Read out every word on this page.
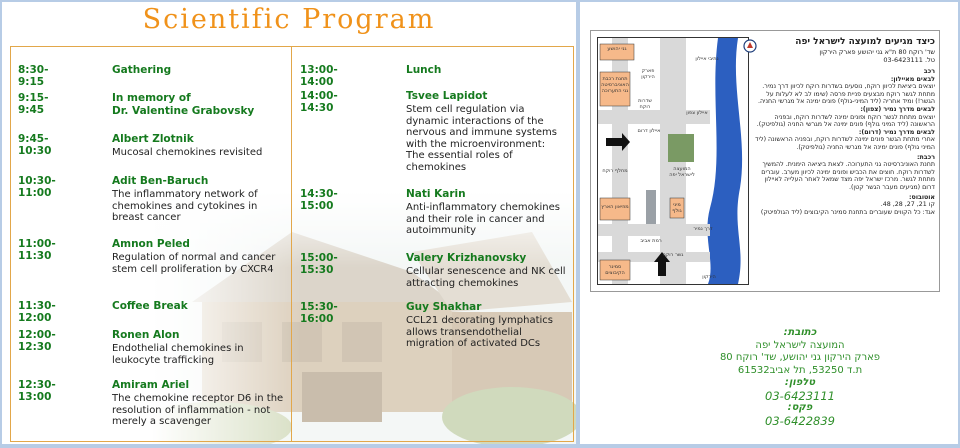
Scientific Program
8:30-9:15
Gathering
9:15-9:45
In memory of
Dr. Valentine Grabovsky
9:45-10:30
Albert Zlotnik
Mucosal chemokines revisited
10:30-11:00
Adit Ben-Baruch
The inflammatory network of chemokines and cytokines in breast cancer
11:00-11:30
Amnon Peled
Regulation of normal and cancer stem cell proliferation by CXCR4
11:30-12:00
Coffee Break
12:00-12:30
Ronen Alon
Endothelial chemokines in leukocyte trafficking
12:30-13:00
Amiram Ariel
The chemokine receptor D6 in the resolution of inflammation - not merely a scavenger
13:00-14:00
Lunch
14:00-14:30
Tsvee Lapidot
Stem cell regulation via dynamic interactions of the nervous and immune systems with the microenvironment: The essential roles of chemokines
14:30-15:00
Nati Karin
Anti-inflammatory chemokines and their role in cancer and autoimmunity
15:00-15:30
Valery Krizhanovsky
Cellular senescence and NK cell attracting chemokines
15:30-16:00
Guy Shakhar
CCL21 decorating lymphatics allows transendothelial migration of activated DCs
גני יהושע
תחנת רכבת האוניברסיטה גני התערוכה
איילון דרום
מחלף רוקח
מוזיאון הארץ
סמינר הקיבוצים
המועצה לישראל יפה
מיני גולף
דרך נמיר
גשר רוקח
איילון צפון
שדרות רוקח
הירקון
נתיבי איילון
רמת אביב
פארק הירקון
כיצד מגיעים למועצה לישראל יפה
שד' רוקח 80 ת"א גני יהושע פארק הירקון
טל. 03-6423111
רכב
לבאים מאיילון:
יוצאים ביציאת לכיוון רוקח, נוסעים בשדרות רוקח לכיוון דרך נמיר. מתחת לגשר רוקח מבצעים פניית פרסה (שימו לב לא לעלות על הגשר!) ומיד אחריה (ליד המיני-גולף) פונים ימינה אל מגרשי החניה.
לבאים מדרך נמיר (צפון):
יוצאים מתחת לגשר רוקח ופונים ימינה לשדרות רוקח, ובפניה הראשונה (ליד המיני גולף) פונים ימינה אל מגרשי החניה (גולפיטק).
לבאים מדרך נמיר (דרום):
אחרי מתחת הגשר פונים ימינה לשדרות רוקח, ובפניה הראשונה (ליד המיני גולף) פונים ימינה אל מגרשי החניה (גולפיטק).
רכבת:
תחנת האוניברסיטה גני התערוכה. לצאת ביציאה הימנית. להמשיך לשדרות רוקח. חוצים את הכביש ופונים ימינה לכיוון מערב. עוברים מתחת לגשר. מרכז ישראל יפה מצד שמאל לאחר העלייה לאיילון דרום (מגיעים מעבר הגשר קטן).
אוטובוס:
קו 21, 27, 28, 48.
אגד: כל הקווים שעוברים בתחנת סמינר הקיבוצים (ליד הגולפיטק)
כתובת:
המועצה לישראל יפה
פארק הירקון גני יהושע, שד' רוקח 80
ת.ד 53250, תל אביב61532
טלפון:
03-6423111
פקס:
03-6422839
